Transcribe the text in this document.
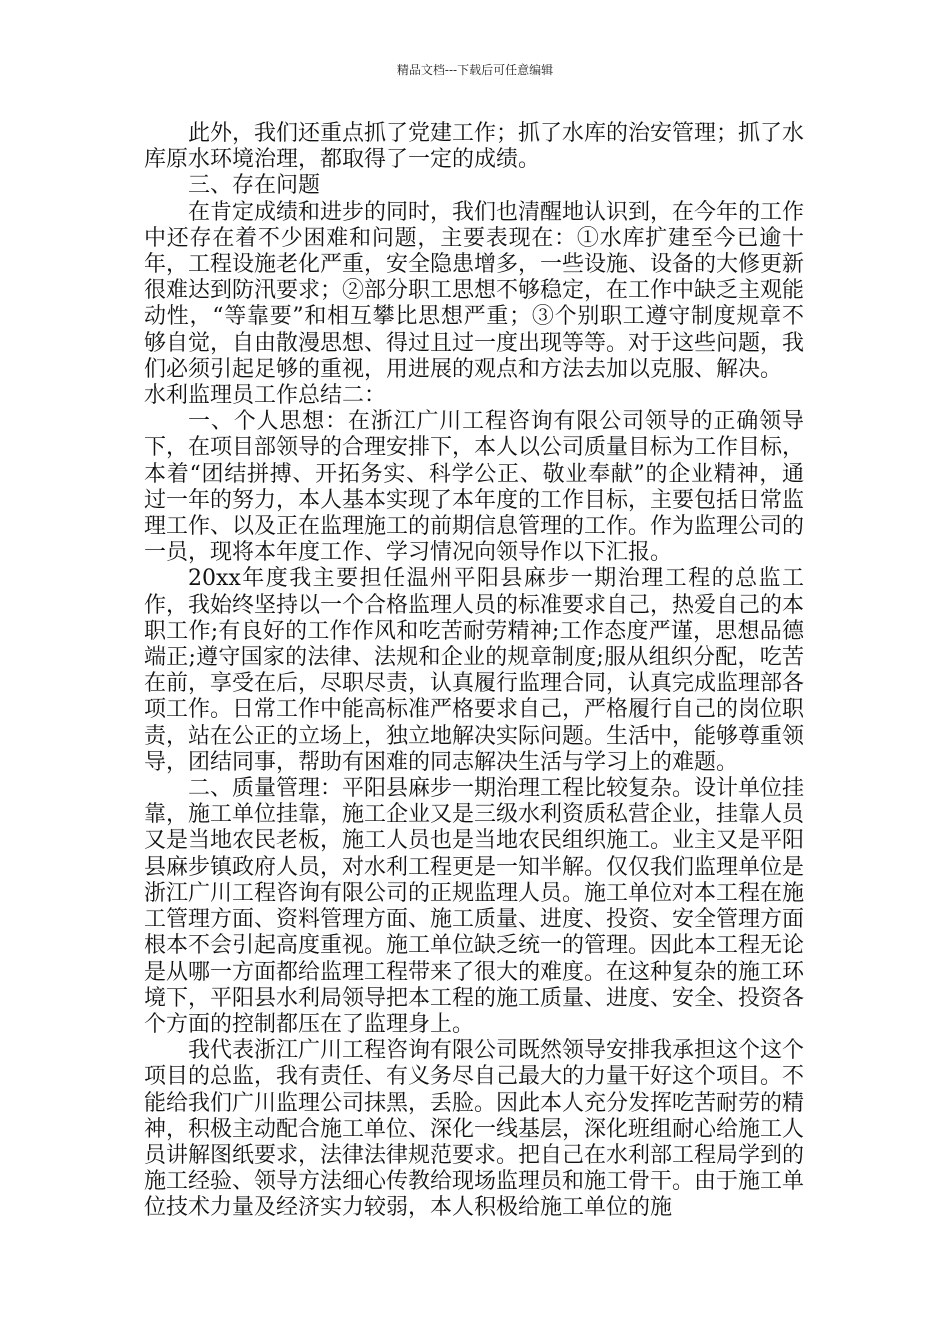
精品文档---下载后可任意编辑

此外，我们还重点抓了党建工作；抓了水库的治安管理；抓了水库原水环境治理，都取得了一定的成绩。

三、存在问题

在肯定成绩和进步的同时，我们也清醒地认识到，在今年的工作中还存在着不少困难和问题，主要表现在：①水库扩建至今已逾十年，工程设施老化严重，安全隐患增多，一些设施、设备的大修更新很难达到防汛要求；②部分职工思想不够稳定，在工作中缺乏主观能动性，“等靠要”和相互攀比思想严重；③个别职工遵守制度规章不够自觉，自由散漫思想、得过且过一度出现等等。对于这些问题，我们必须引起足够的重视，用进展的观点和方法去加以克服、解决。

水利监理员工作总结二：

一、个人思想：在浙江广川工程咨询有限公司领导的正确领导下，在项目部领导的合理安排下，本人以公司质量目标为工作目标，本着“团结拼搏、开拓务实、科学公正、敬业奉献”的企业精神，通过一年的努力，本人基本实现了本年度的工作目标，主要包括日常监理工作、以及正在监理施工的前期信息管理的工作。作为监理公司的一员，现将本年度工作、学习情况向领导作以下汇报。

20xx年度我主要担任温州平阳县麻步一期治理工程的总监工作，我始终坚持以一个合格监理人员的标准要求自己，热爱自己的本职工作;有良好的工作作风和吃苦耐劳精神;工作态度严谨，思想品德端正;遵守国家的法律、法规和企业的规章制度;服从组织分配，吃苦在前，享受在后，尽职尽责，认真履行监理合同，认真完成监理部各项工作。日常工作中能高标准严格要求自己，严格履行自己的岗位职责，站在公正的立场上，独立地解决实际问题。生活中，能够尊重领导，团结同事，帮助有困难的同志解决生活与学习上的难题。

二、质量管理：平阳县麻步一期治理工程比较复杂。设计单位挂靠，施工单位挂靠，施工企业又是三级水利资质私营企业，挂靠人员又是当地农民老板，施工人员也是当地农民组织施工。业主又是平阳县麻步镇政府人员，对水利工程更是一知半解。仅仅我们监理单位是浙江广川工程咨询有限公司的正规监理人员。施工单位对本工程在施工管理方面、资料管理方面、施工质量、进度、投资、安全管理方面根本不会引起高度重视。施工单位缺乏统一的管理。因此本工程无论是从哪一方面都给监理工程带来了很大的难度。在这种复杂的施工环境下，平阳县水利局领导把本工程的施工质量、进度、安全、投资各个方面的控制都压在了监理身上。

我代表浙江广川工程咨询有限公司既然领导安排我承担这个这个项目的总监，我有责任、有义务尽自己最大的力量干好这个项目。不能给我们广川监理公司抹黑，丢脸。因此本人充分发挥吃苦耐劳的精神，积极主动配合施工单位、深化一线基层，深化班组耐心给施工人员讲解图纸要求，法律法律规范要求。把自己在水利部工程局学到的施工经验、领导方法细心传教给现场监理员和施工骨干。由于施工单位技术力量及经济实力较弱，本人积极给施工单位的施
